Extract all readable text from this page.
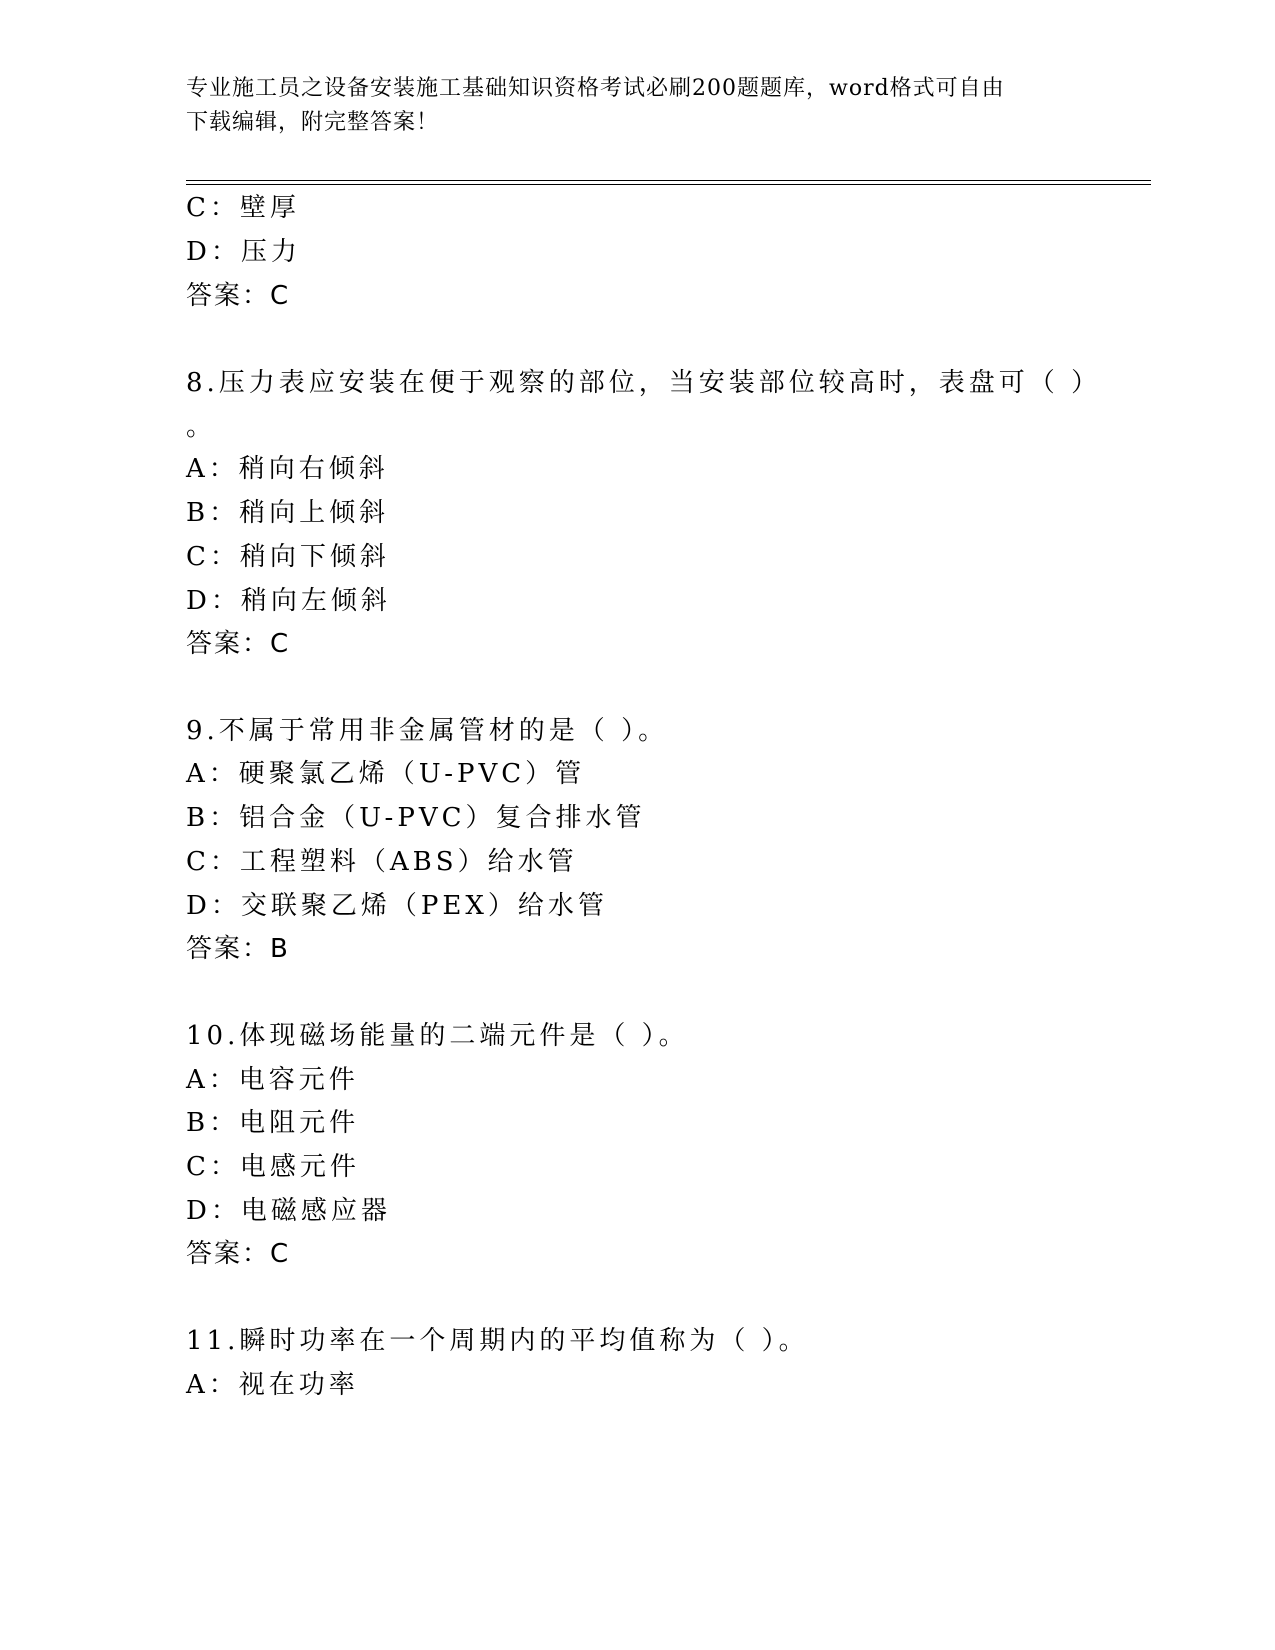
专业施工员之设备安装施工基础知识资格考试必刷200题题库，word格式可自由
下载编辑，附完整答案！
C：壁厚
D：压力
答案：C
8.压力表应安装在便于观察的部位，当安装部位较高时，表盘可（ ）
。
A：稍向右倾斜
B：稍向上倾斜
C：稍向下倾斜
D：稍向左倾斜
答案：C
9.不属于常用非金属管材的是（ ）。
A：硬聚氯乙烯（U-PVC）管
B：铝合金（U-PVC）复合排水管
C：工程塑料（ABS）给水管
D：交联聚乙烯（PEX）给水管
答案：B
10.体现磁场能量的二端元件是（ ）。
A：电容元件
B：电阻元件
C：电感元件
D：电磁感应器
答案：C
11.瞬时功率在一个周期内的平均值称为（ ）。
A：视在功率
